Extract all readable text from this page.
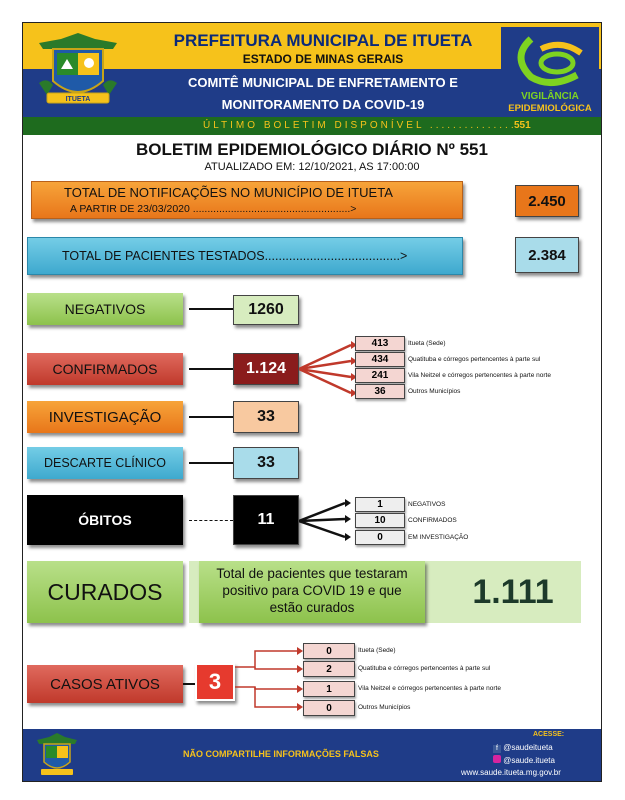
ITUETA
PREFEITURA MUNICIPAL DE ITUETA
ESTADO DE MINAS GERAIS
COMITÊ MUNICIPAL DE ENFRETAMENTO E
MONITORAMENTO DA COVID-19
VIGILÂNCIA
EPIDEMIOLÓGICA
ÚLTIMO BOLETIM DISPONÍVEL ...............
551
BOLETIM EPIDEMIOLÓGICO DIÁRIO Nº 551
ATUALIZADO EM: 12/10/2021, AS 17:00:00
TOTAL DE NOTIFICAÇÕES NO MUNICÍPIO DE ITUETA
A PARTIR DE 23/03/2020 ......................................................>	2.450
TOTAL DE PACIENTES TESTADOS.......................................>	2.384
NEGATIVOS	1260
CONFIRMADOS	1.124
413	Itueta (Sede)
434	Quatituba e córregos pertencentes à parte sul
241	Vila Neitzel e córregos pertencentes à parte norte
36	Outros Municípios
INVESTIGAÇÃO	33
DESCARTE CLÍNICO	33
ÓBITOS	11
1	NEGATIVOS
10	CONFIRMADOS
0	EM INVESTIGAÇÃO
CURADOS
Total de pacientes que testaram positivo para COVID 19 e que estão curados	1.111
CASOS ATIVOS	3
0	Itueta (Sede)
2	Quatituba e córregos pertencentes à parte sul
1	Vila Neitzel e córregos pertencentes à parte norte
0	Outros Municípios
NÃO COMPARTILHE INFORMAÇÕES FALSAS
ACESSE:
f @saudeitueta
@saude.itueta
www.saude.itueta.mg.gov.br
